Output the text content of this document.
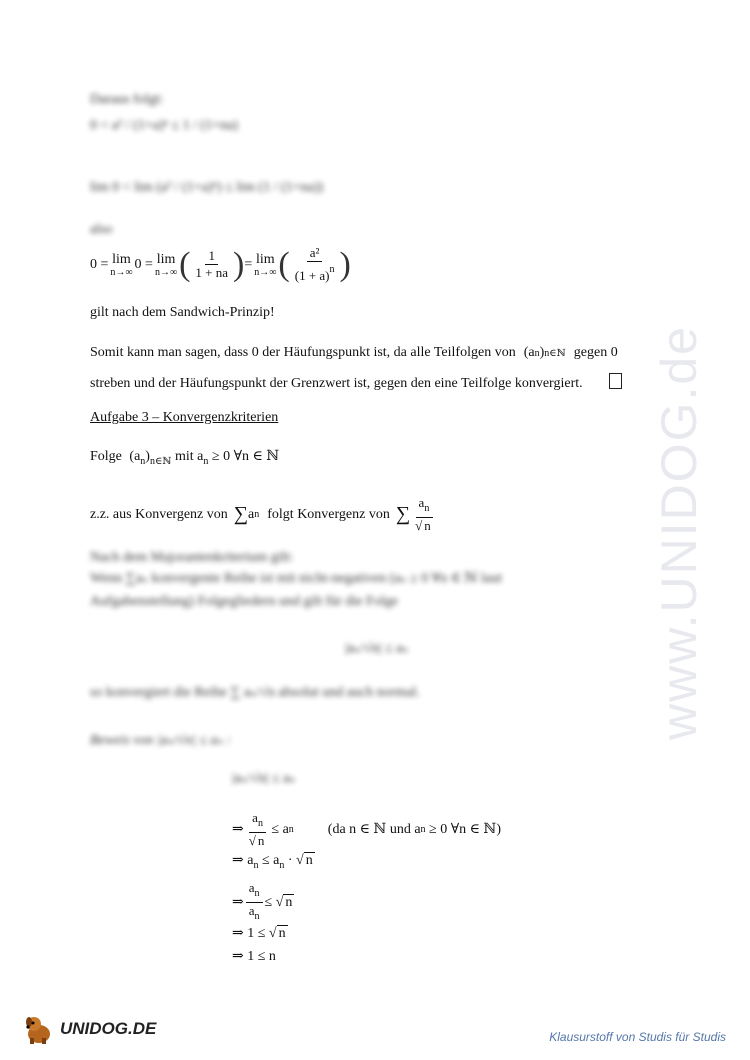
www.UNIDOG.de
Daraus folgt:
0 < a² / (1+a)ⁿ ≤ 1 / (1+na)
lim 0 < lim (a² / (1+a)ⁿ) ≤ lim (1 / (1+na))
also
0 = lim
n→∞
0 = lim
n→∞ ( $\frac{1}{1 + na}$ ) = lim
n→∞ ( $\frac{\text{a²}}{(1 + a)^n}$ )
gilt nach dem Sandwich-Prinzip!
Somit kann man sagen, dass 0 der Häufungspunkt ist, da alle Teilfolgen von ( a n ) n∈ℕ gegen 0
streben und der Häufungspunkt der Grenzwert ist, gegen den eine Teilfolge konvergiert.
Aufgabe 3 – Konvergenzkriterien
Folge $(a_n)_{n\in ℕ}$ mit $a_n \ge 0$ ∀n ∈ ℕ
z.z. aus Konvergenz von ∑ a n folgt Konvergenz von ∑ $\frac{a_n}{√ n}$
Nach dem Majorantenkriterium gilt:
Wenn ∑aₙ konvergente Reihe ist mit nicht-negativen (aₙ ≥ 0 ∀n ∈ ℕ laut
Aufgabenstellung) Folgegliedern und gilt für die Folge
|aₙ/√n| ≤ aₙ
so konvergiert die Reihe ∑ aₙ/√n absolut und auch normal.
Beweis von |aₙ/√n| ≤ aₙ :
|aₙ/√n| ≤ aₙ
⇒ $\frac{a_n}{√ n}$ ≤
a n (da n ∈ ℕ und a n
≥ 0 ∀n ∈ ℕ)
⇒ $a_n \le a_n$ · √ n
⇒ $\frac{a_n}{a_n}$ ≤ √ n
⇒ 1 ≤ √ n
⇒ 1 ≤ n
UNIDOG.DE	Klausurstoff von Studis für Studis
